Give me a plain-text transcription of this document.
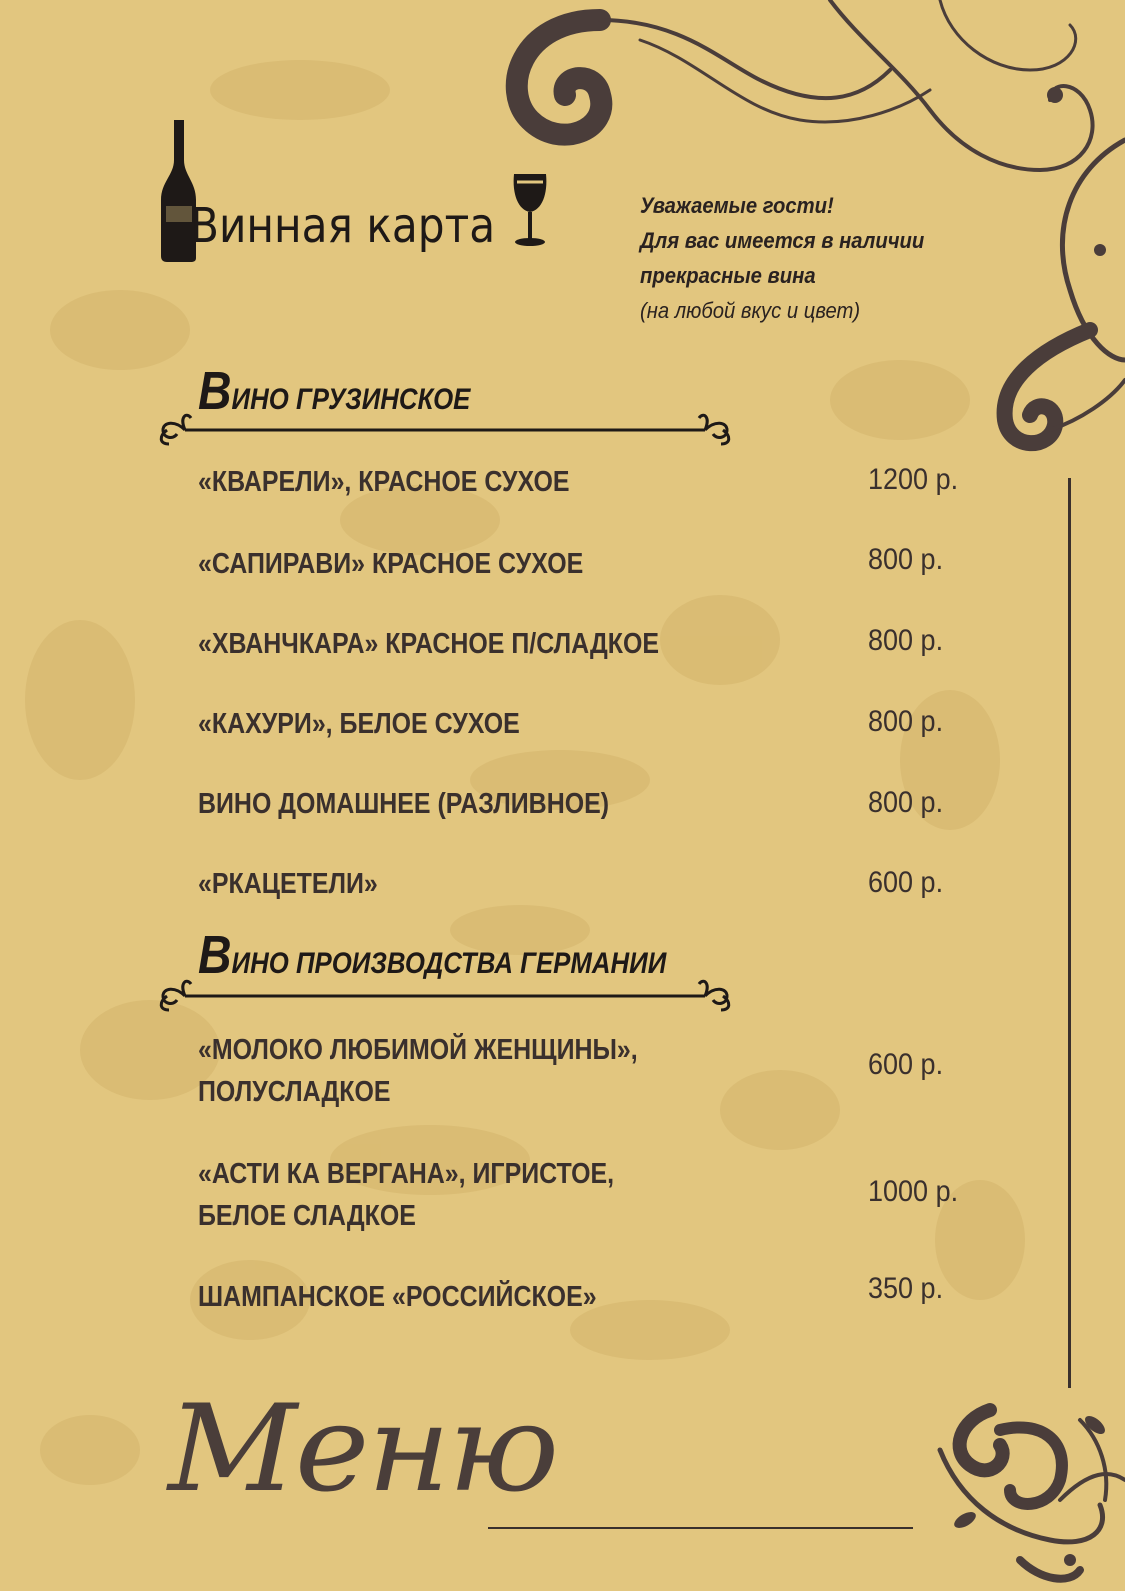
Винная карта	Уважаемые гости!
Для вас имеется в наличии
прекрасные вина
(на любой вкус и цвет)
ВИНО ГРУЗИНСКОЕ
«КВАРЕЛИ», КРАСНОЕ СУХОЕ	1200 р.
«САПИРАВИ» КРАСНОЕ СУХОЕ	800 р.
«ХВАНЧКАРА» КРАСНОЕ П/СЛАДКОЕ	800 р.
«КАХУРИ», БЕЛОЕ СУХОЕ	800 р.
ВИНО ДОМАШНЕЕ (РАЗЛИВНОЕ)	800 р.
«РКАЦЕТЕЛИ»	600 р.
ВИНО ПРОИЗВОДСТВА ГЕРМАНИИ
«МОЛОКО ЛЮБИМОЙ ЖЕНЩИНЫ»,
ПОЛУСЛАДКОЕ
600 р.
«АСТИ КА ВЕРГАНА», ИГРИСТОЕ,
БЕЛОЕ СЛАДКОЕ
1000 р.
ШАМПАНСКОЕ «РОССИЙСКОЕ»	350 р.
Меню
